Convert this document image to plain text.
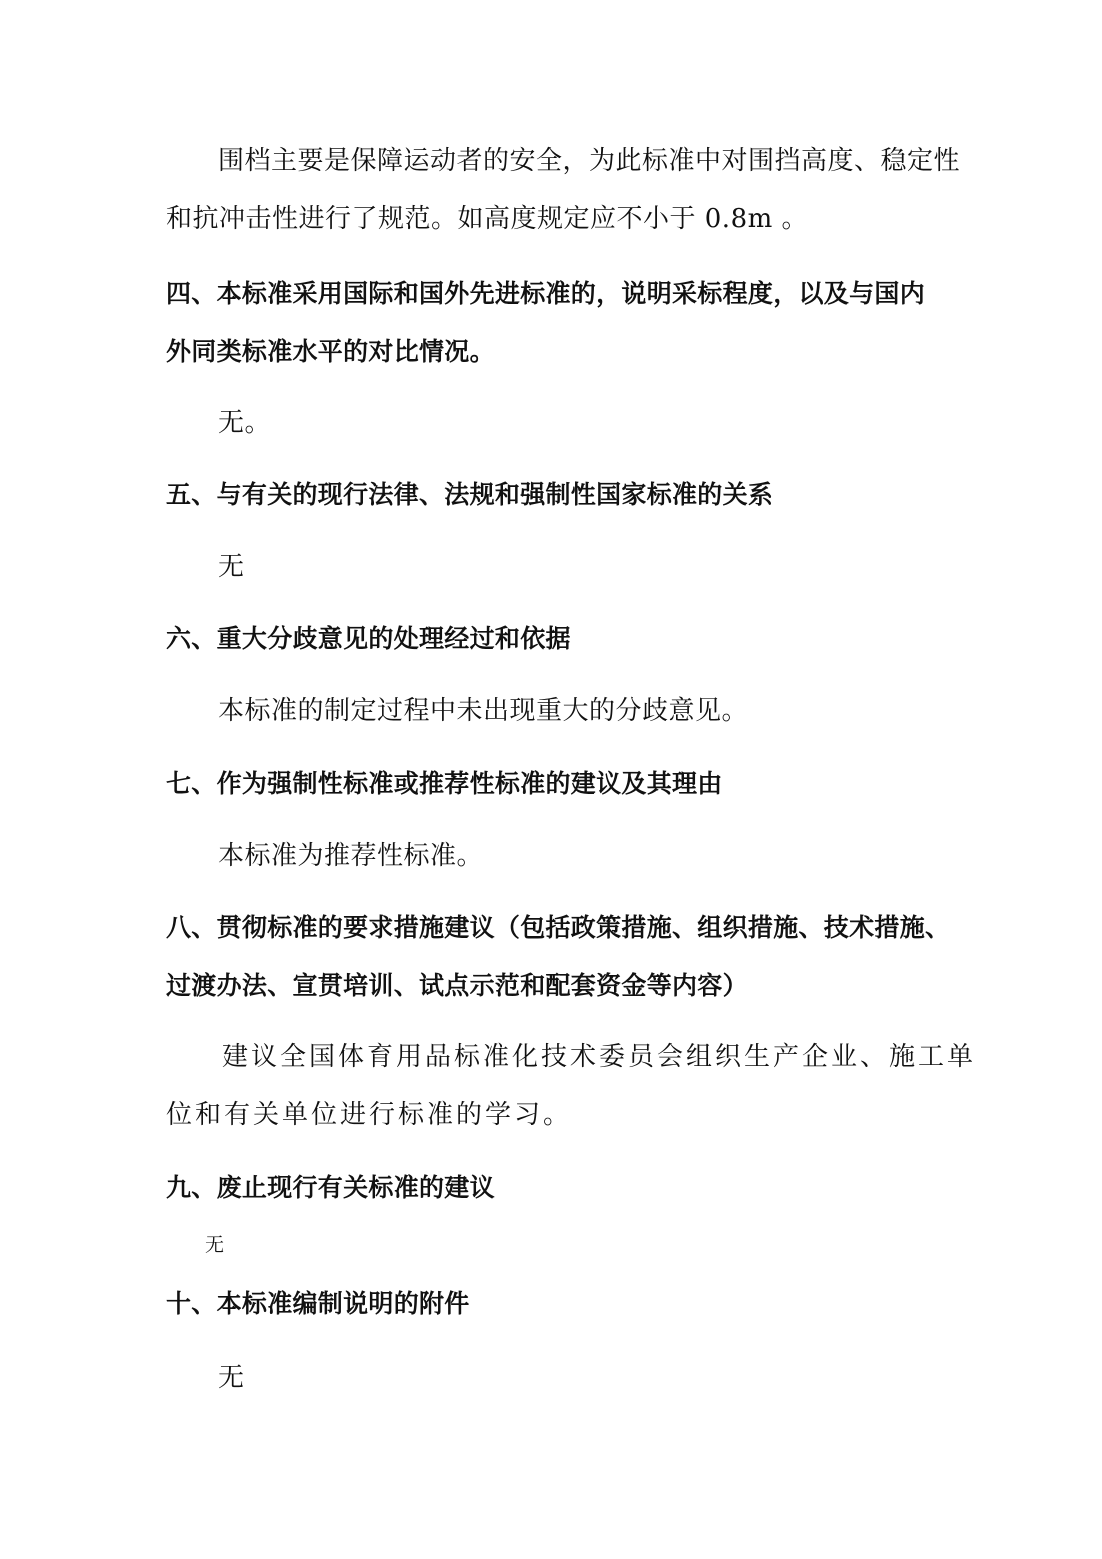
围档主要是保障运动者的安全，为此标准中对围挡高度、稳定性
和抗冲击性进行了规范。如高度规定应不小于 0.8m 。
四、本标准采用国际和国外先进标准的，说明采标程度，以及与国内
外同类标准水平的对比情况。
无。
五、与有关的现行法律、法规和强制性国家标准的关系
无
六、重大分歧意见的处理经过和依据
本标准的制定过程中未出现重大的分歧意见。
七、作为强制性标准或推荐性标准的建议及其理由
本标准为推荐性标准。
八、贯彻标准的要求措施建议（包括政策措施、组织措施、技术措施、
过渡办法、宣贯培训、试点示范和配套资金等内容）
建议全国体育用品标准化技术委员会组织生产企业、施工单
位和有关单位进行标准的学习。
九、废止现行有关标准的建议
无
十、本标准编制说明的附件
无
